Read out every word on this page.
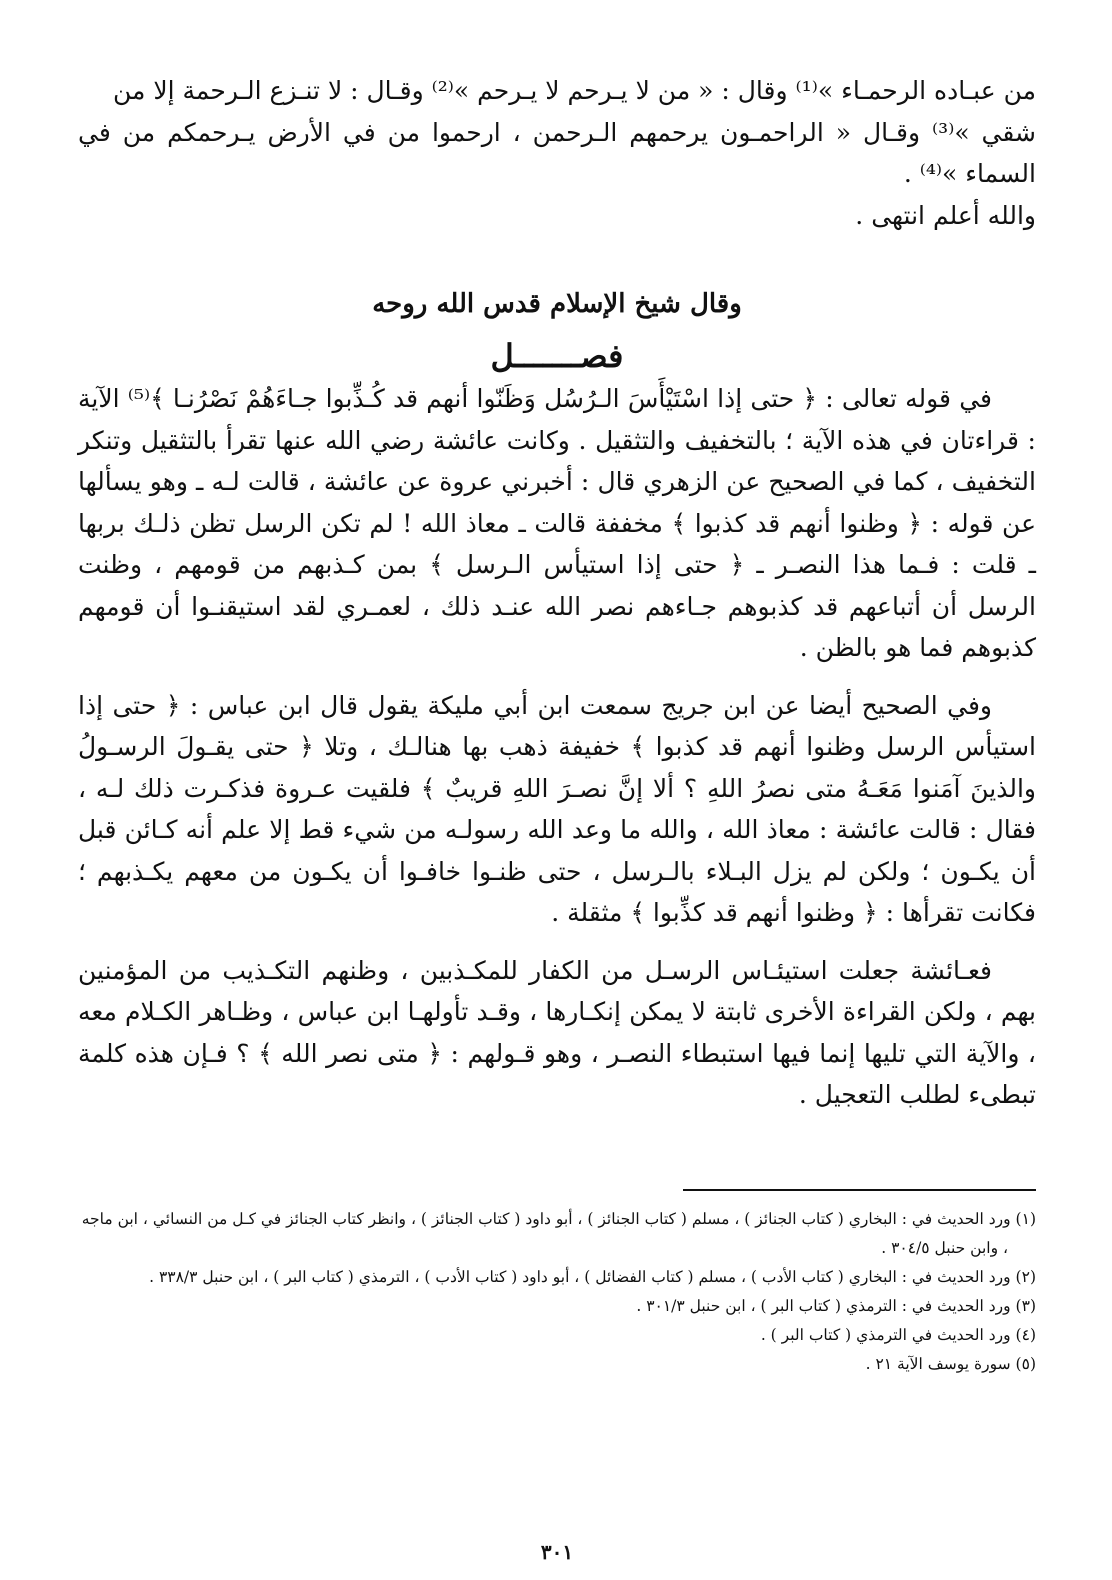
من عبـاده الرحمـاء »⁽¹⁾ وقال : « من لا يـرحم لا يـرحم »⁽²⁾ وقـال : لا تنـزع الـرحمة إلا من

شقي »⁽³⁾ وقـال « الراحمـون يرحمهم الـرحمن ، ارحموا من في الأرض يـرحمكم من في السماء »⁽⁴⁾ .

والله أعلم انتهى .

وقال شيخ الإسلام قدس الله روحه
فصـــــــل

في قوله تعالى : ﴿ حتى إذا اسْتَيْأَسَ الـرُسُل وَظَنّوا أنهم قد كُـذِّبوا جـاءَهُمْ نَصْرُنـا ﴾⁽⁵⁾ الآية : قراءتان في هذه الآية ؛ بالتخفيف والتثقيل . وكانت عائشة رضي الله عنها تقرأ بالتثقيل وتنكر التخفيف ، كما في الصحيح عن الزهري قال : أخبرني عروة عن عائشة ، قالت لـه ـ وهو يسألها عن قوله : ﴿ وظنوا أنهم قد كذبوا ﴾ مخففة قالت ـ معاذ الله ! لم تكن الرسل تظن ذلـك بربها ـ قلت : فـما هذا النصـر ـ ﴿ حتى إذا استيأس الـرسل ﴾ بمن كـذبهم من قومهم ، وظنت الرسل أن أتباعهم قد كذبوهم جـاءهم نصر الله عنـد ذلك ، لعمـري لقد استيقنـوا أن قومهم كذبوهم فما هو بالظن .

وفي الصحيح أيضا عن ابن جريج سمعت ابن أبي مليكة يقول قال ابن عباس : ﴿ حتى إذا استيأس الرسل وظنوا أنهم قد كذبوا ﴾ خفيفة ذهب بها هنالـك ، وتلا ﴿ حتى يقـولَ الرسـولُ والذينَ آمَنوا مَعَـهُ متى نصرُ اللهِ ؟ ألا إنَّ نصـرَ اللهِ قريبٌ ﴾ فلقيت عـروة فذكـرت ذلك لـه ، فقال : قالت عائشة : معاذ الله ، والله ما وعد الله رسولـه من شيء قط إلا علم أنه كـائن قبل أن يكـون ؛ ولكن لم يزل البـلاء بالـرسل ، حتى ظنـوا خافـوا أن يكـون من معهم يكـذبهم ؛ فكانت تقرأها : ﴿ وظنوا أنهم قد كذِّبوا ﴾ مثقلة .

فعـائشة جعلت استيئـاس الرسـل من الكفار للمكـذبين ، وظنهم التكـذيب من المؤمنين بهم ، ولكن القراءة الأخرى ثابتة لا يمكن إنكـارها ، وقـد تأولهـا ابن عباس ، وظـاهر الكـلام معه ، والآية التي تليها إنما فيها استبطاء النصـر ، وهو قـولهم : ﴿ متى نصر الله ﴾ ؟ فـإن هذه كلمة تبطىء لطلب التعجيل .

(١) ورد الحديث في : البخاري ( كتاب الجنائز ) ، مسلم ( كتاب الجنائز ) ، أبو داود ( كتاب الجنائز ) ، وانظر كتاب الجنائز في كـل من النسائي ، ابن ماجه ، وابن حنبل ٣٠٤/٥ .

(٢) ورد الحديث في : البخاري ( كتاب الأدب ) ، مسلم ( كتاب الفضائل ) ، أبو داود ( كتاب الأدب ) ، الترمذي ( كتاب البر ) ، ابن حنبل ٣٣٨/٣ .

(٣) ورد الحديث في : الترمذي ( كتاب البر ) ، ابن حنبل ٣٠١/٣ .

(٤) ورد الحديث في الترمذي ( كتاب البر ) .

(٥) سورة يوسف الآية ٢١ .

٣٠١
